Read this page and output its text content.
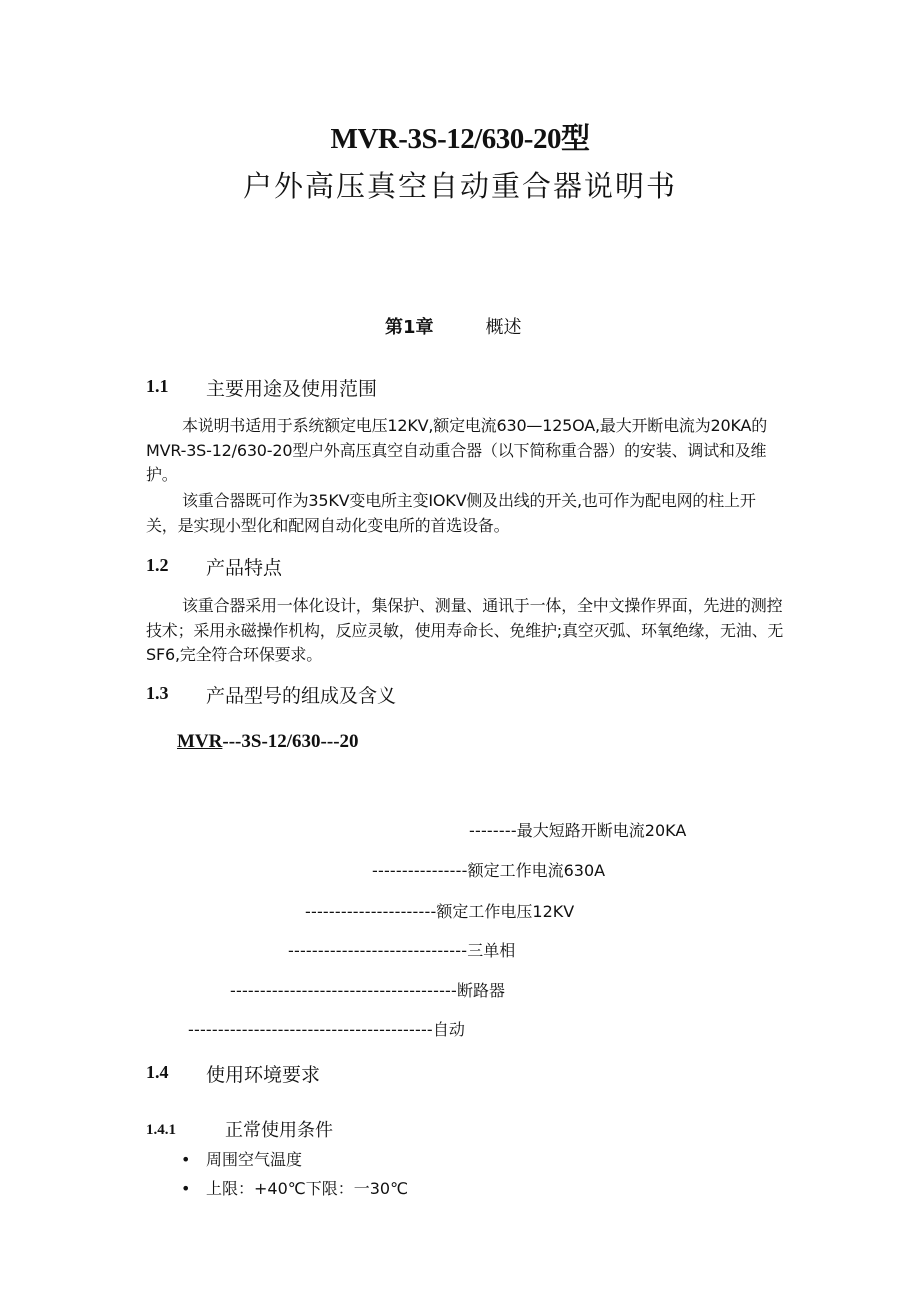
MVR-3S-12/630-20型
户外高压真空自动重合器说明书
第1章	概述
1.1 主要用途及使用范围
本说明书适用于系统额定电压12KV,额定电流630—125OA,最大开断电流为20KA的MVR-3S-12/630-20型户外高压真空自动重合器（以下简称重合器）的安装、调试和及维护。
该重合器既可作为35KV变电所主变IOKV侧及出线的开关,也可作为配电网的柱上开关，是实现小型化和配网自动化变电所的首选设备。
1.2 产品特点
该重合器采用一体化设计，集保护、测量、通讯于一体，全中文操作界面，先进的测控技术；采用永磁操作机构，反应灵敏，使用寿命长、免维护;真空灭弧、环氧绝缘，无油、无SF6,完全符合环保要求。
1.3 产品型号的组成及含义
MVR---3S-12/630---20
--------最大短路开断电流20KA
----------------额定工作电流630A
----------------------额定工作电压12KV
------------------------------三单相
--------------------------------------断路器
-----------------------------------------自动
1.4 使用环境要求
1.4.1	正常使用条件
• 周围空气温度
• 上限：+40℃下限：一30℃
